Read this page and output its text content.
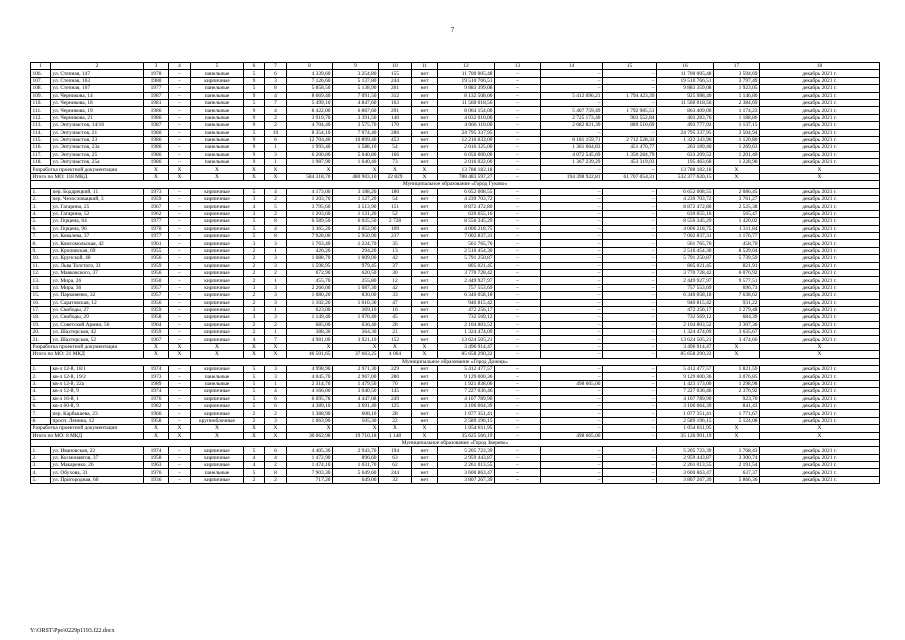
7
1	2	3	4	5	6	7	8	9	10	11	12	13	14	15	16	17	18
106.	ул. Степная, 147	1978	–	панельные	5	6	4 339,60	3 254,80	155	нет	11 700 005,48	–	–	–	11 700 005,48	3 594,69	декабрь 2021 г.
107.	ул. Степная, 163	1980	–	кирпичные	9	3	7 126,60	5 137,80	244	нет	19 510 766,51	–	–	–	19 510 766,51	3 797,49	декабрь 2021 г.
108.	ул. Степная, 167	1977	–	панельные	5	8	5 858,50	5 138,90	261	нет	9 883 399,08	–	–	–	9 883 359,08	1 923,05	декабрь 2021 г.
109.	ул. Черникова, 14	1987	–	панельные	9	4	8 669,40	7 091,50	312	нет	8 132 508,00	–	5 412 096,21	1 794 423,39	925 988,40	1 146,80	декабрь 2021 г.
110.	ул. Черникова, 18	1981	–	панельные	5	7	5 499,10	4 847,60	163	нет	11 560 018,56	–	–	–	11 560 018,56	2 384,69	декабрь 2021 г.
111.	ул. Черникова, 19	1986	–	панельные	9	4	8 422,00	6 867,60	291	нет	8 064 154,00	–	5 407 759,49	1 792 985,51	863 409,00	1 174,23	декабрь 2021 г.
112.	ул. Черникова, 21	1986	–	панельные	9	2	3 919,70	3 391,50	140	нет	4 032 010,00	–	2 725 173,40	903 552,84	403 283,76	1 188,86	декабрь 2021 г.
113.	ул. Энтузиастов, 14/16	1987	–	панельные	9	2	4 704,40	3 575,70	170	нет	4 066 110,00	–	2 682 821,39	889 510,69	493 777,92	1 137,15	декабрь 2021 г.
114.	ул. Энтузиастов, 21	1980	–	панельные	5	10	8 354,10	7 074,40	286	нет	24 795 337,95	–	–	–	24 795 337,95	3 504,94	декабрь 2021 г.
115.	ул. Энтузиастов, 23	1986	–	панельные	9	6	12 704,40	10 899,40	453	нет	12 216 032,00	–	8 181 159,71	2 712 528,33	1 322 343,96	1 120,80	декабрь 2021 г.
116.	ул. Энтузиастов, 23а	1986	–	панельные	9	1	1 993,40	1 588,10	54	нет	2 016 325,00	–	1 361 664,83	451 470,77	203 189,40	1 269,63	декабрь 2021 г.
117.	ул. Энтузиастов, 25	1986	–	панельные	9	3	6 200,80	5 040,80	166	нет	6 056 000,00	–	4 072 545,69	1 350 284,79	633 209,52	1 201,40	декабрь 2021 г.
118.	ул. Энтузиастов, 25а	1986	–	панельные	9	1	1 987,90	1 640,40	73	нет	2 016 022,00	–	1 367 239,29	453 319,03	195 463,68	1 228,98	декабрь 2021 г.
Разработка проектной документации		X	X	X	X	X	X	X	X	X	13 788 182,18	–	–	–	13 788 182,18	X	X
Итого по МО: 118 МКД		X	X	X	X	X	584 318,70	480 903,10	22 829	X	788 483 597,27	–	194 398 922,81	61 707 054,31	532 377 620,15	X	X
Муниципальное образование «Город Гуково»																	
1.	пер. Бодарецкий, 11	1973	–	кирпичные	5	4	4 173,00	3 188,20	180	нет	6 652 008,55	–	–	–	6 652 008,55	2 086,45	декабрь 2021 г.
2.	пер. Чехословацкий, 3	1959	–	кирпичные	3	2	1 203,70	1 127,20	54	нет	4 239 703,72	–	–	–	4 239 703,72	3 761,27	декабрь 2021 г.
3.	ул. Гагарина, 25	1967	–	кирпичные	4	5	3 795,60	3 513,90	151	нет	8 872 472,80	–	–	–	8 872 472,80	2 525,38	декабрь 2021 г.
4.	ул. Гагарина, 52	1962	–	кирпичные	3	2	1 203,60	1 131,20	52	нет	639 655,16	–	–	–	639 655,16	565,47	декабрь 2021 г.
5.	ул. Герцена, 64	1977	–	кирпичные	5	8	6 589,50	6 025,50	2 728	нет	8 556 345,29	–	–	–	8 556 345,29	1 420,02	декабрь 2021 г.
6.	ул. Герцена, 96	1970	–	кирпичные	5	4	3 365,20	3 053,90	109	нет	4 006 218,75	–	–	–	4 006 218,75	1 311,84	декабрь 2021 г.
7.	ул. Ковалева, 37	1977	–	кирпичные	5	8	7 928,00	5 950,90	237	нет	7 002 837,31	–	–	–	7 002 837,31	1 176,77	декабрь 2021 г.
8.	ул. Комсомольская, 42	1961	–	кирпичные	3	3	1 763,40	1 224,70	35	нет	561 765,76	–	–	–	561 765,76	458,70	декабрь 2021 г.
9.	ул. Кропивская, 69	1955	–	кирпичные	2	1	426,20	294,20	13	нет	2 516 454,30	–	–	–	2 516 454,30	8 529,04	декабрь 2021 г.
10.	ул. Крупской, 48	1956	–	кирпичные	2	3	1 088,70	1 009,00	42	нет	5 791 250,87	–	–	–	5 791 250,87	5 739,59	декабрь 2021 г.
11.	ул. Льва Толстого, 31	1959	–	кирпичные	2	3	1 598,95	979,45	37	нет	805 021,45	–	–	–	805 021,45	821,91	декабрь 2021 г.
12.	ул. Маяковского, 37	1956	–	кирпичные	2	2	672,90	620,50	30	нет	3 770 728,42	–	–	–	3 770 728,42	6 076,92	декабрь 2021 г.
13.	ул. Мира, 26	1950	–	кирпичные	2	1	455,70	255,80	12	нет	2 449 927,97	–	–	–	2 449 927,97	9 577,51	декабрь 2021 г.
14.	ул. Мира, 36	1957	–	кирпичные	3	3	2 266,00	1 087,30	42	нет	757 553,69	–	–	–	757 553,69	696,73	декабрь 2021 г.
15.	ул. Парковенко, 32	1957	–	кирпичные	2	3	1 080,20	830,00	33	нет	6 340 058,18	–	–	–	6 340 058,18	7 638,62	декабрь 2021 г.
16.	ул. Саратовская, 12	1956	–	кирпичные	2	3	1 102,20	1 010,30	47	нет	940 815,42	–	–	–	940 815,42	931,22	декабрь 2021 г.
17.	ул. Свободы, 27	1959	–	кирпичные	3	1	623,00	369,10	16	нет	472 256,17	–	–	–	472 256,17	1 279,48	декабрь 2021 г.
18.	ул. Свободы, 29	1958	–	кирпичные	3	3	1 149,40	1 070,40	45	нет	732 569,12	–	–	–	732 569,12	684,39	декабрь 2021 г.
19.	ул. Советской Армии, 56	1964	–	кирпичные	2	2	685,00	636,40	28	нет	2 104 803,52	–	–	–	2 104 803,52	3 307,36	декабрь 2021 г.
20.	ул. Шахтерская, 42	1959	–	кирпичные	2	1	388,30	364,30	21	нет	1 324 474,09	–	–	–	1 324 474,09	3 635,67	декабрь 2021 г.
21.	ул. Шахтерская, 52	1967	–	кирпичные	4	7	4 981,00	3 921,10	152	нет	13 624 505,21	–	–	–	13 624 505,21	3 474,66	декабрь 2021 г.
Разработка проектной документации		X	X	X	X	X	X	X	X	X	3 496 914,47	–	–	–	3 496 914,47	X	X
Итого по МО: 21 МКД		X	X	X	X	X	46 501,65	37 663,25	4 064	X	85 658 290,22	–	–	–	85 658 290,22	X	X
Муниципальное образование «Город Донецк»																	
1.	кв-л 12-й, 18/1	1974	–	кирпичные	5	3	4 998,90	2 971,30	229	нет	5 412 477,57	–	–	–	5 412 477,57	1 821,59	декабрь 2021 г.
2.	кв-л 12-й, 19/2	1973	–	панельные	5	3	4 045,70	2 967,00	280	нет	9 129 000,36	–	–	–	9 129 000,36	3 076,85	декабрь 2021 г.
3.	кв-л 12-й, 22а	1989	–	панельные	5	1	2 314,70	1 479,50	70	нет	1 921 838,00	–	498 665,00	–	1 423 173,00	1 298,98	декабрь 2021 г.
4.	кв-л 12-й, 9	1974	–	кирпичные	5	4	4 166,00	3 040,50	145	нет	7 227 036,46	–	–	–	7 227 036,46	2 376,92	декабрь 2021 г.
5.	кв-л 16-й, 1	1976	–	кирпичные	5	6	6 095,78	4 447,08	249	нет	4 107 789,90	–	–	–	4 107 789,90	923,70	декабрь 2021 г.
6.	кв-л 60-й, 9	1982	–	кирпичные	5	6	4 389,10	3 691,40	125	нет	3 106 064,39	–	–	–	3 106 064,39	841,43	декабрь 2021 г.
7.	пер. Карбышева, 23	1966	–	кирпичные	2	2	1 388,90	608,10	28	нет	1 077 351,41	–	–	–	1 077 351,41	1 771,67	декабрь 2021 г.
8.	просп. Ленина, 12	1958	–	крупноблочные	2	3	1 663,90	505,30	22	нет	2 589 196,15	–	–	–	2 589 196,15	5 124,08	декабрь 2021 г.
Разработка проектной документации		X	X	X	X	X	X	X	X	X	1 054 811,95	–	–	–	1 054 811,95	X	X
Итого по МО: 8 МКД		X	X	X	X	X	30 062,98	19 710,18	1 148	X	35 625 566,19	–	498 665,00	–	35 126 901,19	X	X
Муниципальное образование «Город Зверево»																	
1.	ул. Ивановская, 22	1974	–	кирпичные	5	6	4 405,30	2 943,70	194	нет	5 205 723,39	–	–	–	5 205 723,39	1 768,43	декабрь 2021 г.
2.	ул. Космонавтов, 37	1958	–	кирпичные	4	4	1 472,90	896,60	63	нет	2 959 443,87	–	–	–	2 959 443,87	3 300,74	декабрь 2021 г.
3.	ул. Макаренко, 26	1963	–	кирпичные	4	2	1 474,10	1 031,70	62	нет	2 261 013,55	–	–	–	2 261 013,55	2 191,54	декабрь 2021 г.
4.	ул. Обухова, 31	1976	–	панельные	5	8	7 903,30	5 649,60	244	нет	3 600 863,47	–	–	–	3 600 863,47	637,37	декабрь 2021 г.
5.	ул. Пригородная, 60	1936	–	кирпичные	2	2	717,20	649,00	32	нет	3 807 267,39	–	–	–	3 807 267,39	5 866,36	декабрь 2021 г.
Y:\ORST\Ppo\0229p1193.f22.docx
